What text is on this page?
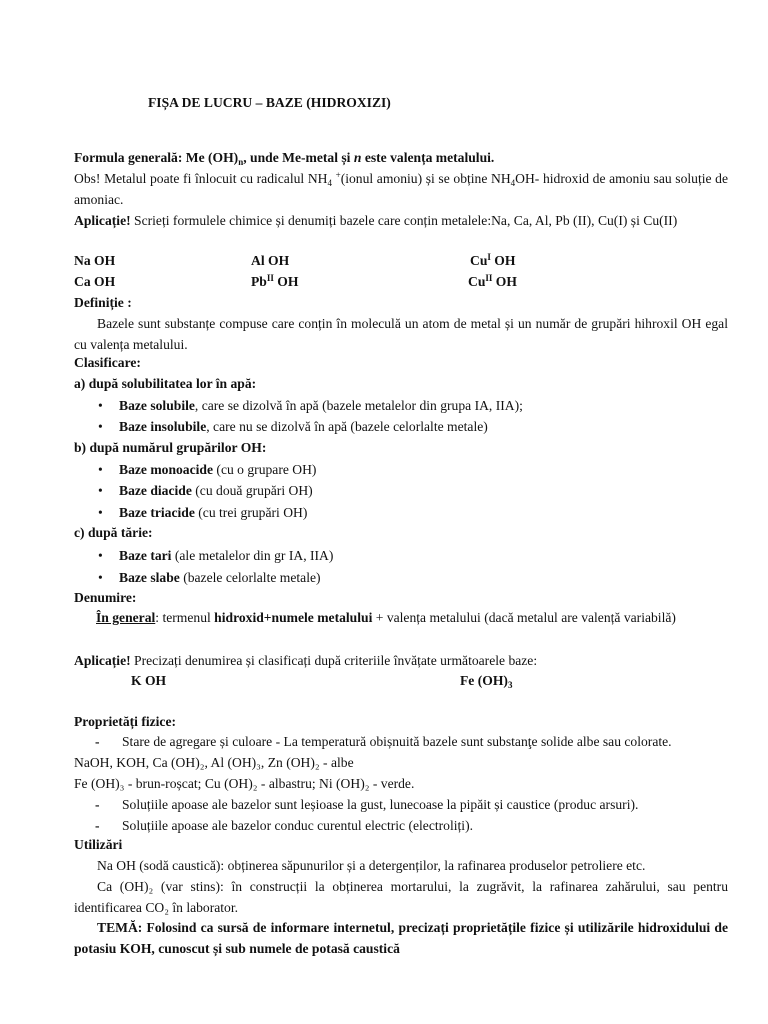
FIȘA DE LUCRU – BAZE (HIDROXIZI)
Formula generală: Me $(OH)_n$, unde Me-metal și n este valența metalului.
Obs! Metalul poate fi înlocuit cu radicalul $NH_4$ +(ionul amoniu) și se obține $NH_4OH-$ hidroxid de amoniu sau soluție de amoniac.
Aplicație! Scrieți formulele chimice și denumiți bazele care conțin metalele:Na, Ca, Al, Pb (II), Cu(I) și Cu(II)
Na OH	Al OH	$Cu^I$ OH
Ca OH	$Pb^{II}$ OH	$Cu^{II}$ OH
Definiție :
Bazele sunt substanțe compuse care conțin în moleculă un atom de metal și un număr de grupări hihroxil OH egal cu valența metalului.
Clasificare:
a) după solubilitatea lor în apă:
• Baze solubile, care se dizolvă în apă (bazele metalelor din grupa IA, IIA);
• Baze insolubile, care nu se dizolvă în apă (bazele celorlalte metale)
b) după numărul grupărilor OH:
• Baze monoacide (cu o grupare OH)
• Baze diacide (cu două grupări OH)
• Baze triacide (cu trei grupări OH)
c) după tărie:
• Baze tari (ale metalelor din gr IA, IIA)
• Baze slabe (bazele celorlalte metale)
Denumire:
În general: termenul hidroxid+numele metalului + valența metalului (dacă metalul are valență variabilă)
Aplicație! Precizați denumirea și clasificați după criteriile învățate următoarele baze:
K OH	Fe $(OH)_3$
Proprietăți fizice:
- Stare de agregare și culoare - La temperatură obișnuită bazele sunt substanţe solide albe sau colorate.
NaOH, KOH, Ca (OH)₂, Al (OH)₃, Zn (OH)₂ - albe
Fe (OH)₃ - brun-roșcat; Cu (OH)₂ - albastru; Ni (OH)₂ - verde.
- Soluțiile apoase ale bazelor sunt leșioase la gust, lunecoase la pipăit și caustice (produc arsuri).
- Soluțiile apoase ale bazelor conduc curentul electric (electroliți).
Utilizări
Na OH (sodă caustică): obținerea săpunurilor și a detergenților, la rafinarea produselor petroliere etc.
Ca (OH)₂ (var stins): în construcții la obținerea mortarului, la zugrăvit, la rafinarea zahărului, sau pentru identificarea CO₂ în laborator.
TEMĂ: Folosind ca sursă de informare internetul, precizați proprietățile fizice și utilizările hidroxidului de potasiu KOH, cunoscut și sub numele de potasă caustică
